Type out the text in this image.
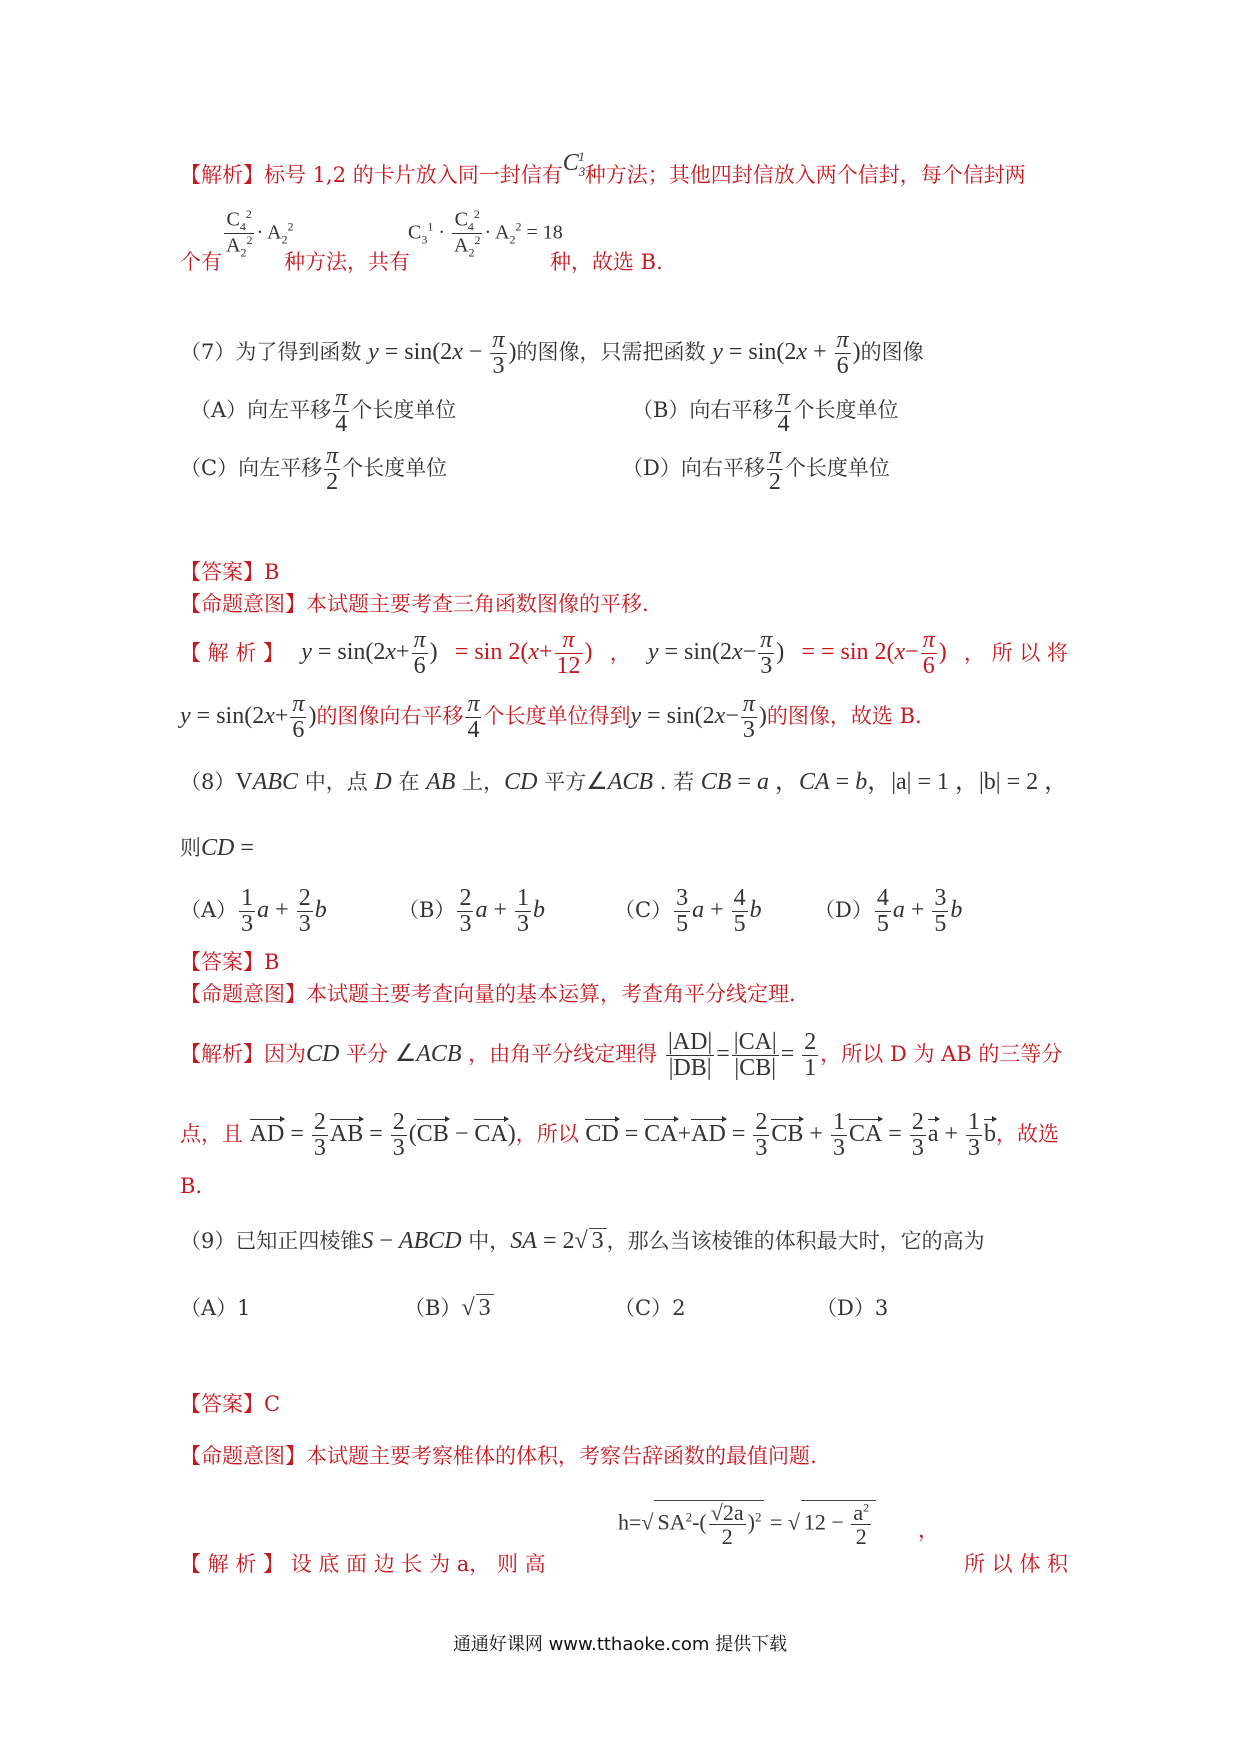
【解析】标号 1,2 的卡片放入同一封信有$C_3^1$种方法；其他四封信放入两个信封，每个信封两
个有
$\frac{C_4^2}{A_2^2} \cdot A_2^2$
种方法，共有
$C_3^1 \cdot \frac{C_4^2}{A_2^2} \cdot A_2^2 = 18$
种，故选 B.
（7）为了得到函数 $y = \sin(2x - \frac{\pi}{3}$ )的图像，只需把函数 $y = \sin(2x + \frac{\pi}{6}$ )的图像
（A）向左平移 $\frac{\pi}{4}$ 个长度单位	（B）向右平移 $\frac{\pi}{4}$ 个长度单位
（C）向左平移 $\frac{\pi}{2}$ 个长度单位	（D）向右平移 $\frac{\pi}{2}$ 个长度单位
【答案】B
【命题意图】本试题主要考查三角函数图像的平移.
【 解 析 】 $y = \sin(2x+ \frac{\pi}{6}$ ) = $\sin 2(x+ \frac{\pi}{12}$ ) ， $y = \sin(2x- \frac{\pi}{3}$ ) = = $\sin 2(x- \frac{\pi}{6}$ ) ， 所 以 将
$y = \sin(2x+ \frac{\pi}{6}$ )的图像向右平移 $\frac{\pi}{4}$ 个长度单位得到$y = \sin(2x- \frac{\pi}{3}$ )的图像，故选 B.
（8）VABC 中，点 D 在 AB 上，CD 平方∠ACB . 若 CB = a ，CA = b，|a| = 1 ，|b| = 2 ，
则CD =
$(A) \frac{1}{3}$ $a + \frac{2}{3}$ b	$(B) \frac{2}{3}$ $a + \frac{1}{3}$ b	$(C) \frac{3}{5}$ $a + \frac{4}{5}$ b $(D) \frac{4}{5}$ $a + \frac{3}{5}$ b
【答案】B
【命题意图】本试题主要考查向量的基本运算，考查角平分线定理.
【解析】因为CD 平分 ∠ACB ，由角平分线定理得 $\frac{|AD|}{|DB|} = \frac{|CA|}{|CB|} = \frac{2}{1}$ ，所以 D 为 AB 的三等分
点，且 AD = $\frac{2}{3}$ AB = $\frac{2}{3} (CB - CA)$，所以 CD = $CA+AD = \frac{2}{3}$ CB + $\frac{1}{3}$ CA = $\frac{2}{3}$ $a + \frac{1}{3}$ b，故选
B.
（9）已知正四棱锥S − ABCD 中，SA = 2√ 3 ，那么当该棱锥的体积最大时，它的高为
（A）1	（B）√ 3	（C）2	（D）3
【答案】C
【命题意图】本试题主要考察椎体的体积，考察告辞函数的最值问题.
【 解 析 】 设 底 面 边 长 为 a， 则 高
h=√ $SA^2-( \frac{√2a}{2} )^2$ = √ $12 - \frac{a^2}{2}$ ，
所 以 体 积
通通好课网 www.tthaoke.com 提供下载
